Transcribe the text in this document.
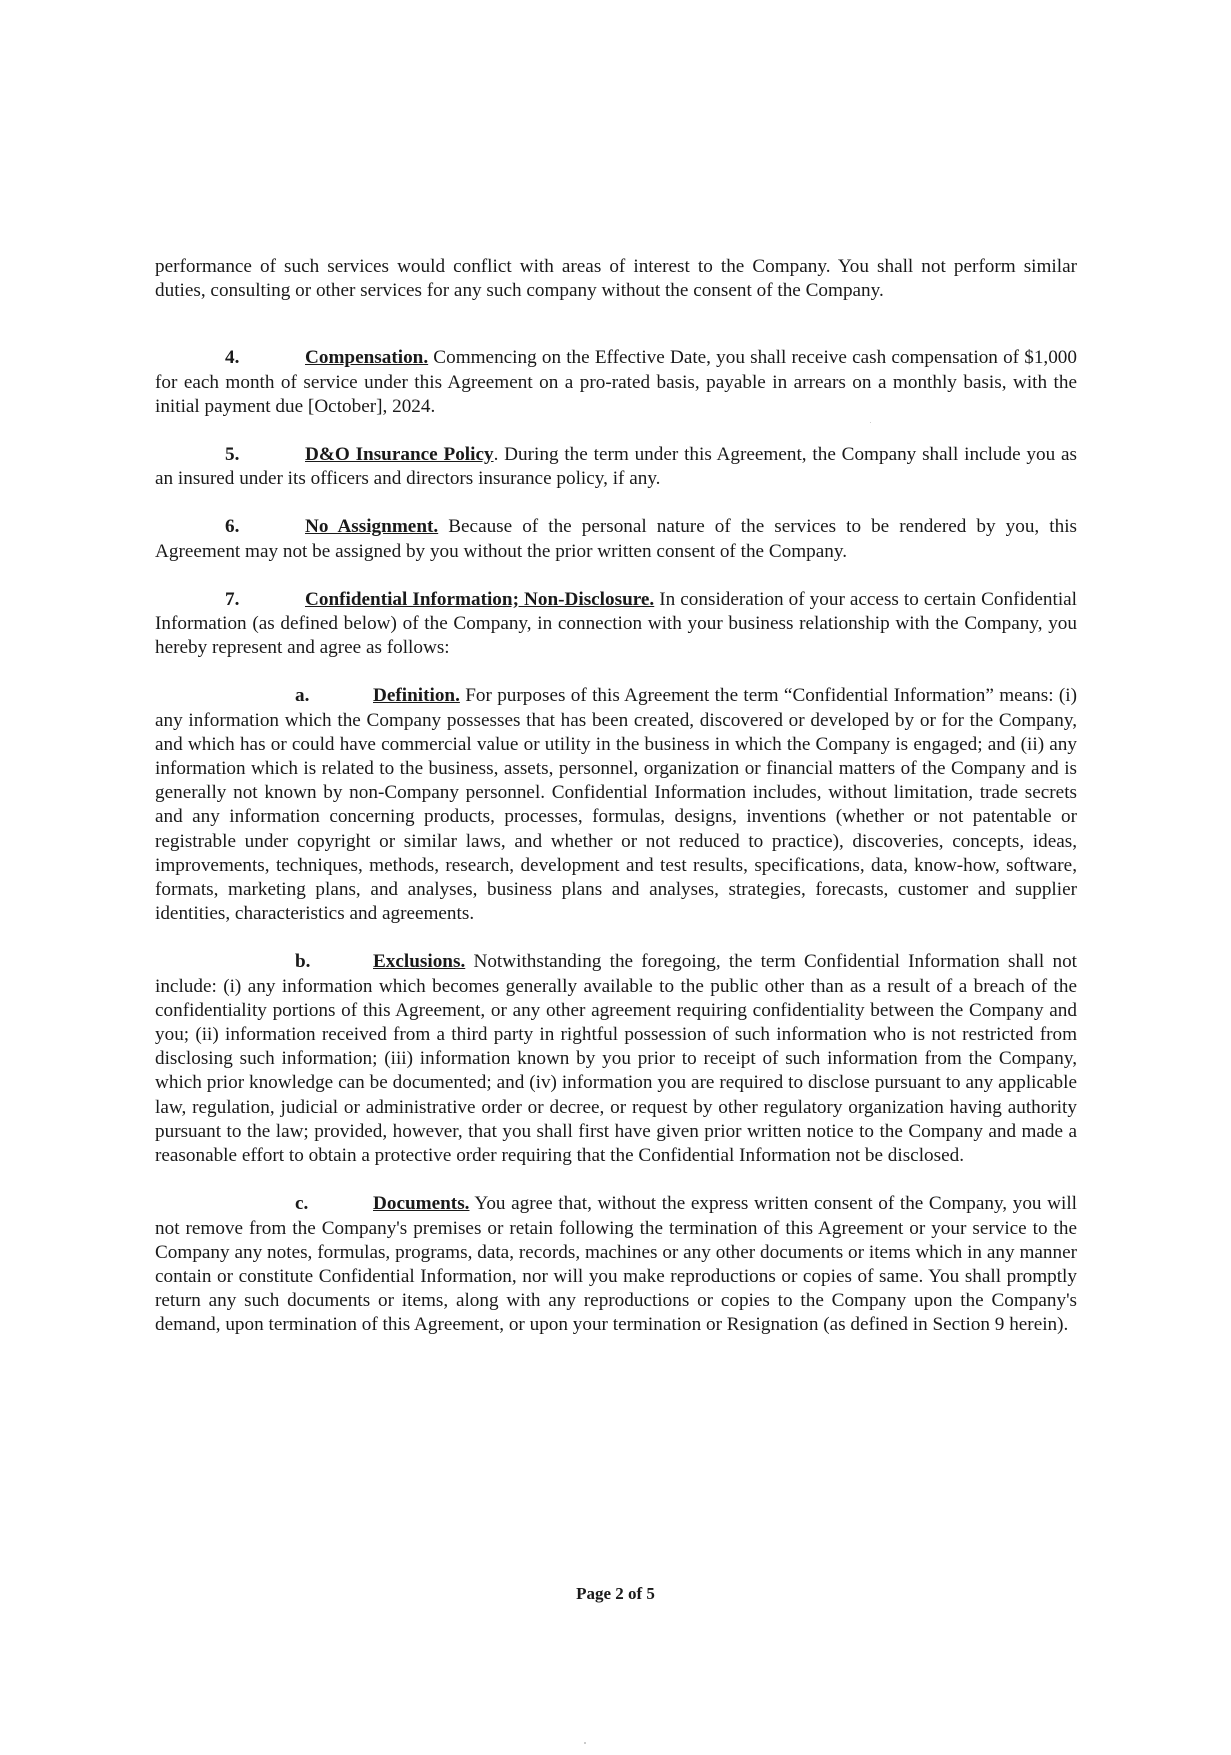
performance of such services would conflict with areas of interest to the Company. You shall not perform similar duties, consulting or other services for any such company without the consent of the Company.

4.	Compensation. Commencing on the Effective Date, you shall receive cash compensation of $1,000 for each month of service under this Agreement on a pro-rated basis, payable in arrears on a monthly basis, with the initial payment due [October], 2024.

5.	D&O Insurance Policy. During the term under this Agreement, the Company shall include you as an insured under its officers and directors insurance policy, if any.

6.	No Assignment. Because of the personal nature of the services to be rendered by you, this Agreement may not be assigned by you without the prior written consent of the Company.

7.	Confidential Information; Non-Disclosure. In consideration of your access to certain Confidential Information (as defined below) of the Company, in connection with your business relationship with the Company, you hereby represent and agree as follows:

a.	Definition. For purposes of this Agreement the term “Confidential Information” means: (i) any information which the Company possesses that has been created, discovered or developed by or for the Company, and which has or could have commercial value or utility in the business in which the Company is engaged; and (ii) any information which is related to the business, assets, personnel, organization or financial matters of the Company and is generally not known by non-Company personnel. Confidential Information includes, without limitation, trade secrets and any information concerning products, processes, formulas, designs, inventions (whether or not patentable or registrable under copyright or similar laws, and whether or not reduced to practice), discoveries, concepts, ideas, improvements, techniques, methods, research, development and test results, specifications, data, know-how, software, formats, marketing plans, and analyses, business plans and analyses, strategies, forecasts, customer and supplier identities, characteristics and agreements.

b.	Exclusions. Notwithstanding the foregoing, the term Confidential Information shall not include: (i) any information which becomes generally available to the public other than as a result of a breach of the confidentiality portions of this Agreement, or any other agreement requiring confidentiality between the Company and you; (ii) information received from a third party in rightful possession of such information who is not restricted from disclosing such information; (iii) information known by you prior to receipt of such information from the Company, which prior knowledge can be documented; and (iv) information you are required to disclose pursuant to any applicable law, regulation, judicial or administrative order or decree, or request by other regulatory organization having authority pursuant to the law; provided, however, that you shall first have given prior written notice to the Company and made a reasonable effort to obtain a protective order requiring that the Confidential Information not be disclosed.

c.	Documents. You agree that, without the express written consent of the Company, you will not remove from the Company's premises or retain following the termination of this Agreement or your service to the Company any notes, formulas, programs, data, records, machines or any other documents or items which in any manner contain or constitute Confidential Information, nor will you make reproductions or copies of same. You shall promptly return any such documents or items, along with any reproductions or copies to the Company upon the Company's demand, upon termination of this Agreement, or upon your termination or Resignation (as defined in Section 9 herein).

Page 2 of 5
